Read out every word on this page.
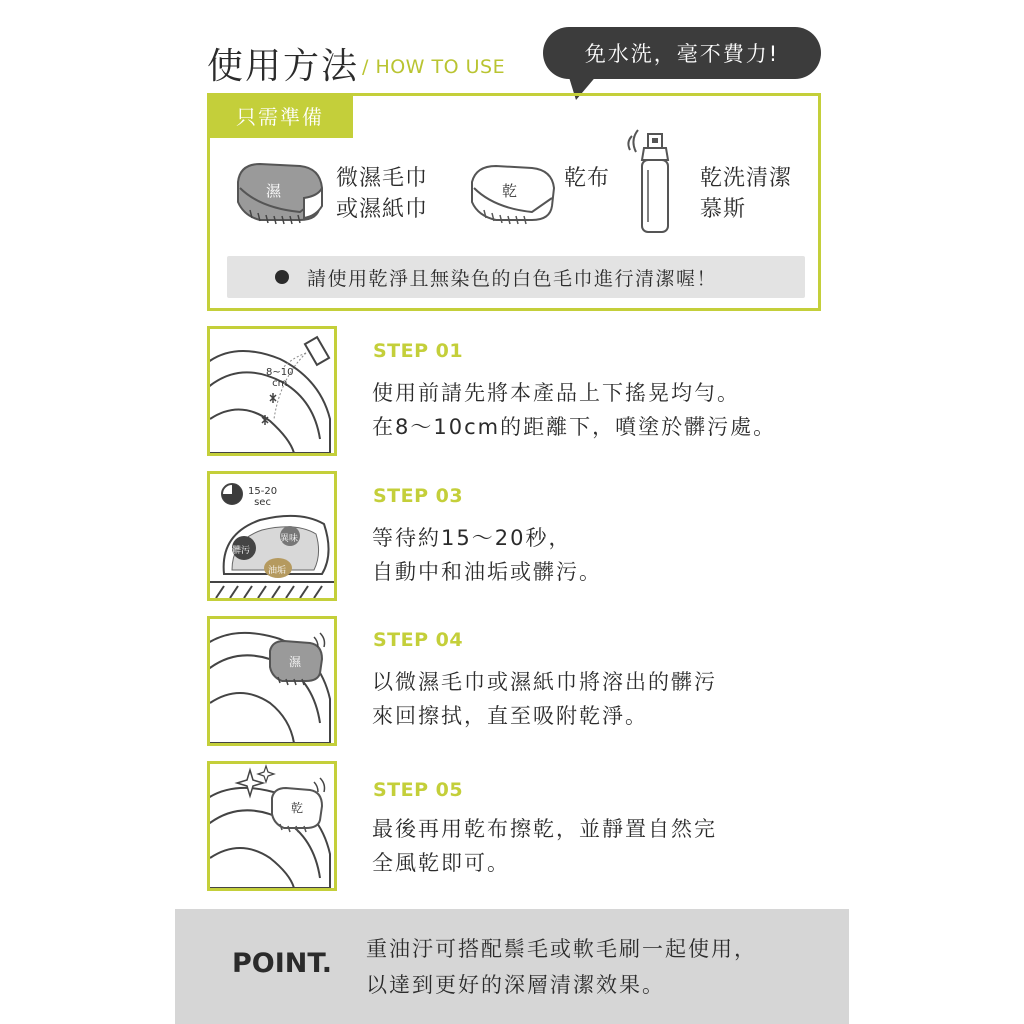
使用方法 / HOW TO USE
免水洗，毫不費力!
只需準備
濕 微濕毛巾
或濕紙巾
乾 乾布	乾洗清潔
慕斯
請使用乾淨且無染色的白色毛巾進行清潔喔！
8~10
cm
STEP 01
使用前請先將本產品上下搖晃均勻。
在8～10cm的距離下，噴塗於髒污處。
15-20
sec
髒污
異味
油垢
STEP 03
等待約15～20秒，
自動中和油垢或髒污。
濕
STEP 04
以微濕毛巾或濕紙巾將溶出的髒污
來回擦拭，直至吸附乾淨。
乾
STEP 05
最後再用乾布擦乾，並靜置自然完
全風乾即可。
POINT. 重油汙可搭配鬃毛或軟毛刷一起使用，
以達到更好的深層清潔效果。
